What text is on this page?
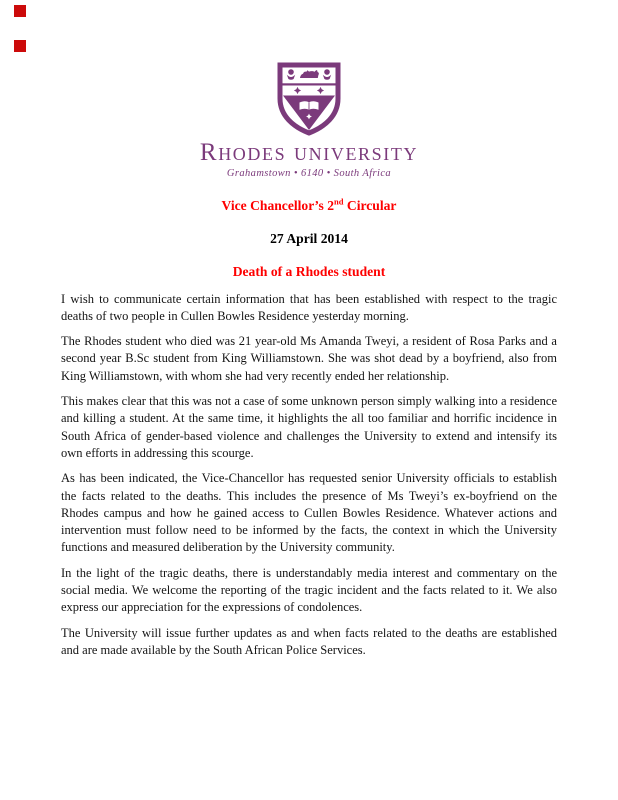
Rhodes university
Grahamstown • 6140 • South Africa
Vice Chancellor’s 2nd Circular
27 April 2014
Death of a Rhodes student

I wish to communicate certain information that has been established with respect to the tragic deaths of two people in Cullen Bowles Residence yesterday morning.

The Rhodes student who died was 21 year-old Ms Amanda Tweyi, a resident of Rosa Parks and a second year B.Sc student from King Williamstown. She was shot dead by a boyfriend, also from King Williamstown, with whom she had very recently ended her relationship.

This makes clear that this was not a case of some unknown person simply walking into a residence and killing a student. At the same time, it highlights the all too familiar and horrific incidence in South Africa of gender-based violence and challenges the University to extend and intensify its own efforts in addressing this scourge.

As has been indicated, the Vice-Chancellor has requested senior University officials to establish the facts related to the deaths. This includes the presence of Ms Tweyi’s ex-boyfriend on the Rhodes campus and how he gained access to Cullen Bowles Residence. Whatever actions and intervention must follow need to be informed by the facts, the context in which the University functions and measured deliberation by the University community.

In the light of the tragic deaths, there is understandably media interest and commentary on the social media. We welcome the reporting of the tragic incident and the facts related to it. We also express our appreciation for the expressions of condolences.

The University will issue further updates as and when facts related to the deaths are established and are made available by the South African Police Services.
